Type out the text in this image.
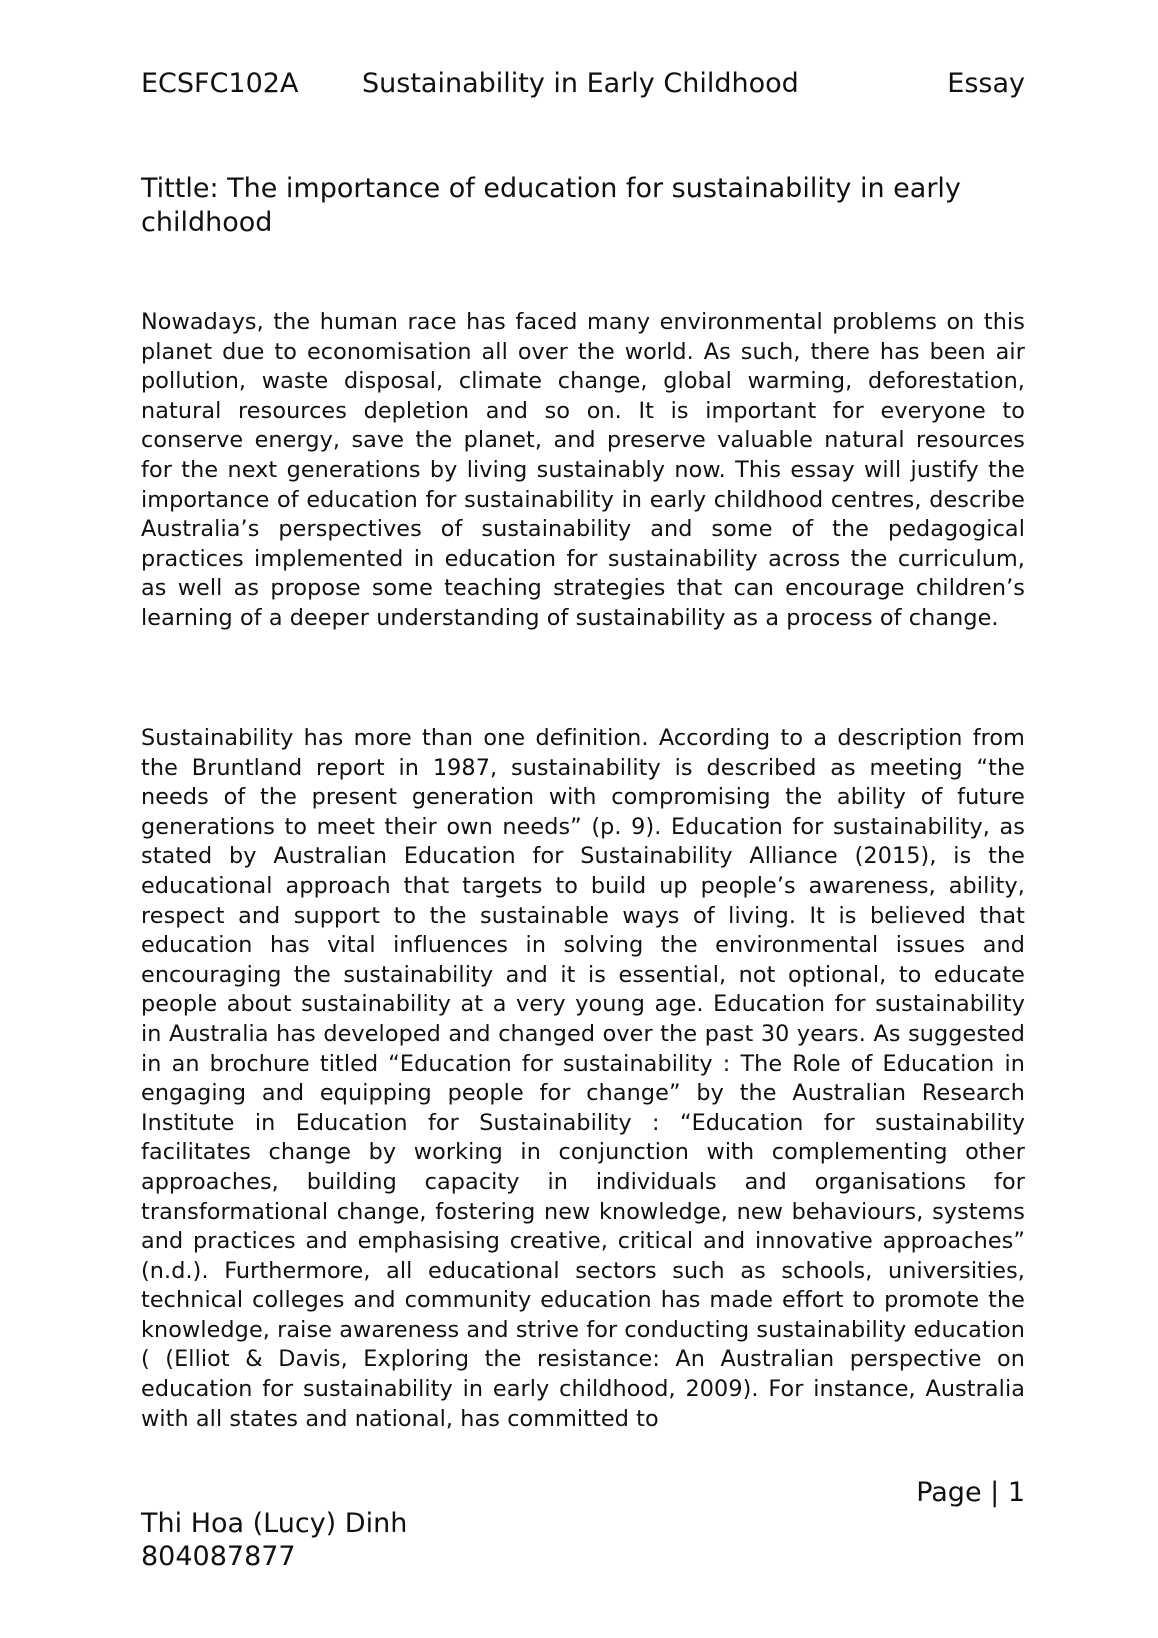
ECSFC102A Sustainability in Early Childhood	Essay
Tittle: The importance of education for sustainability in early childhood

Nowadays, the human race has faced many environmental problems on this planet due to economisation all over the world. As such, there has been air pollution, waste disposal, climate change, global warming, deforestation, natural resources depletion and so on. It is important for everyone to conserve energy, save the planet, and preserve valuable natural resources for the next generations by living sustainably now. This essay will justify the importance of education for sustainability in early childhood centres, describe Australia’s perspectives of sustainability and some of the pedagogical practices implemented in education for sustainability across the curriculum, as well as propose some teaching strategies that can encourage children’s learning of a deeper understanding of sustainability as a process of change.

Sustainability has more than one definition. According to a description from the Bruntland report in 1987, sustainability is described as meeting “the needs of the present generation with compromising the ability of future generations to meet their own needs” (p. 9). Education for sustainability, as stated by Australian Education for Sustainability Alliance (2015), is the educational approach that targets to build up people’s awareness, ability, respect and support to the sustainable ways of living. It is believed that education has vital influences in solving the environmental issues and encouraging the sustainability and it is essential, not optional, to educate people about sustainability at a very young age. Education for sustainability in Australia has developed and changed over the past 30 years. As suggested in an brochure titled “Education for sustainability : The Role of Education in engaging and equipping people for change” by the Australian Research Institute in Education for Sustainability : “Education for sustainability facilitates change by working in conjunction with complementing other approaches, building capacity in individuals and organisations for transformational change, fostering new knowledge, new behaviours, systems and practices and emphasising creative, critical and innovative approaches” (n.d.). Furthermore, all educational sectors such as schools, universities, technical colleges and community education has made effort to promote the knowledge, raise awareness and strive for conducting sustainability education ( (Elliot & Davis, Exploring the resistance: An Australian perspective on education for sustainability in early childhood, 2009). For instance, Australia with all states and national, has committed to

Page | 1
Thi Hoa (Lucy) Dinh
804087877
